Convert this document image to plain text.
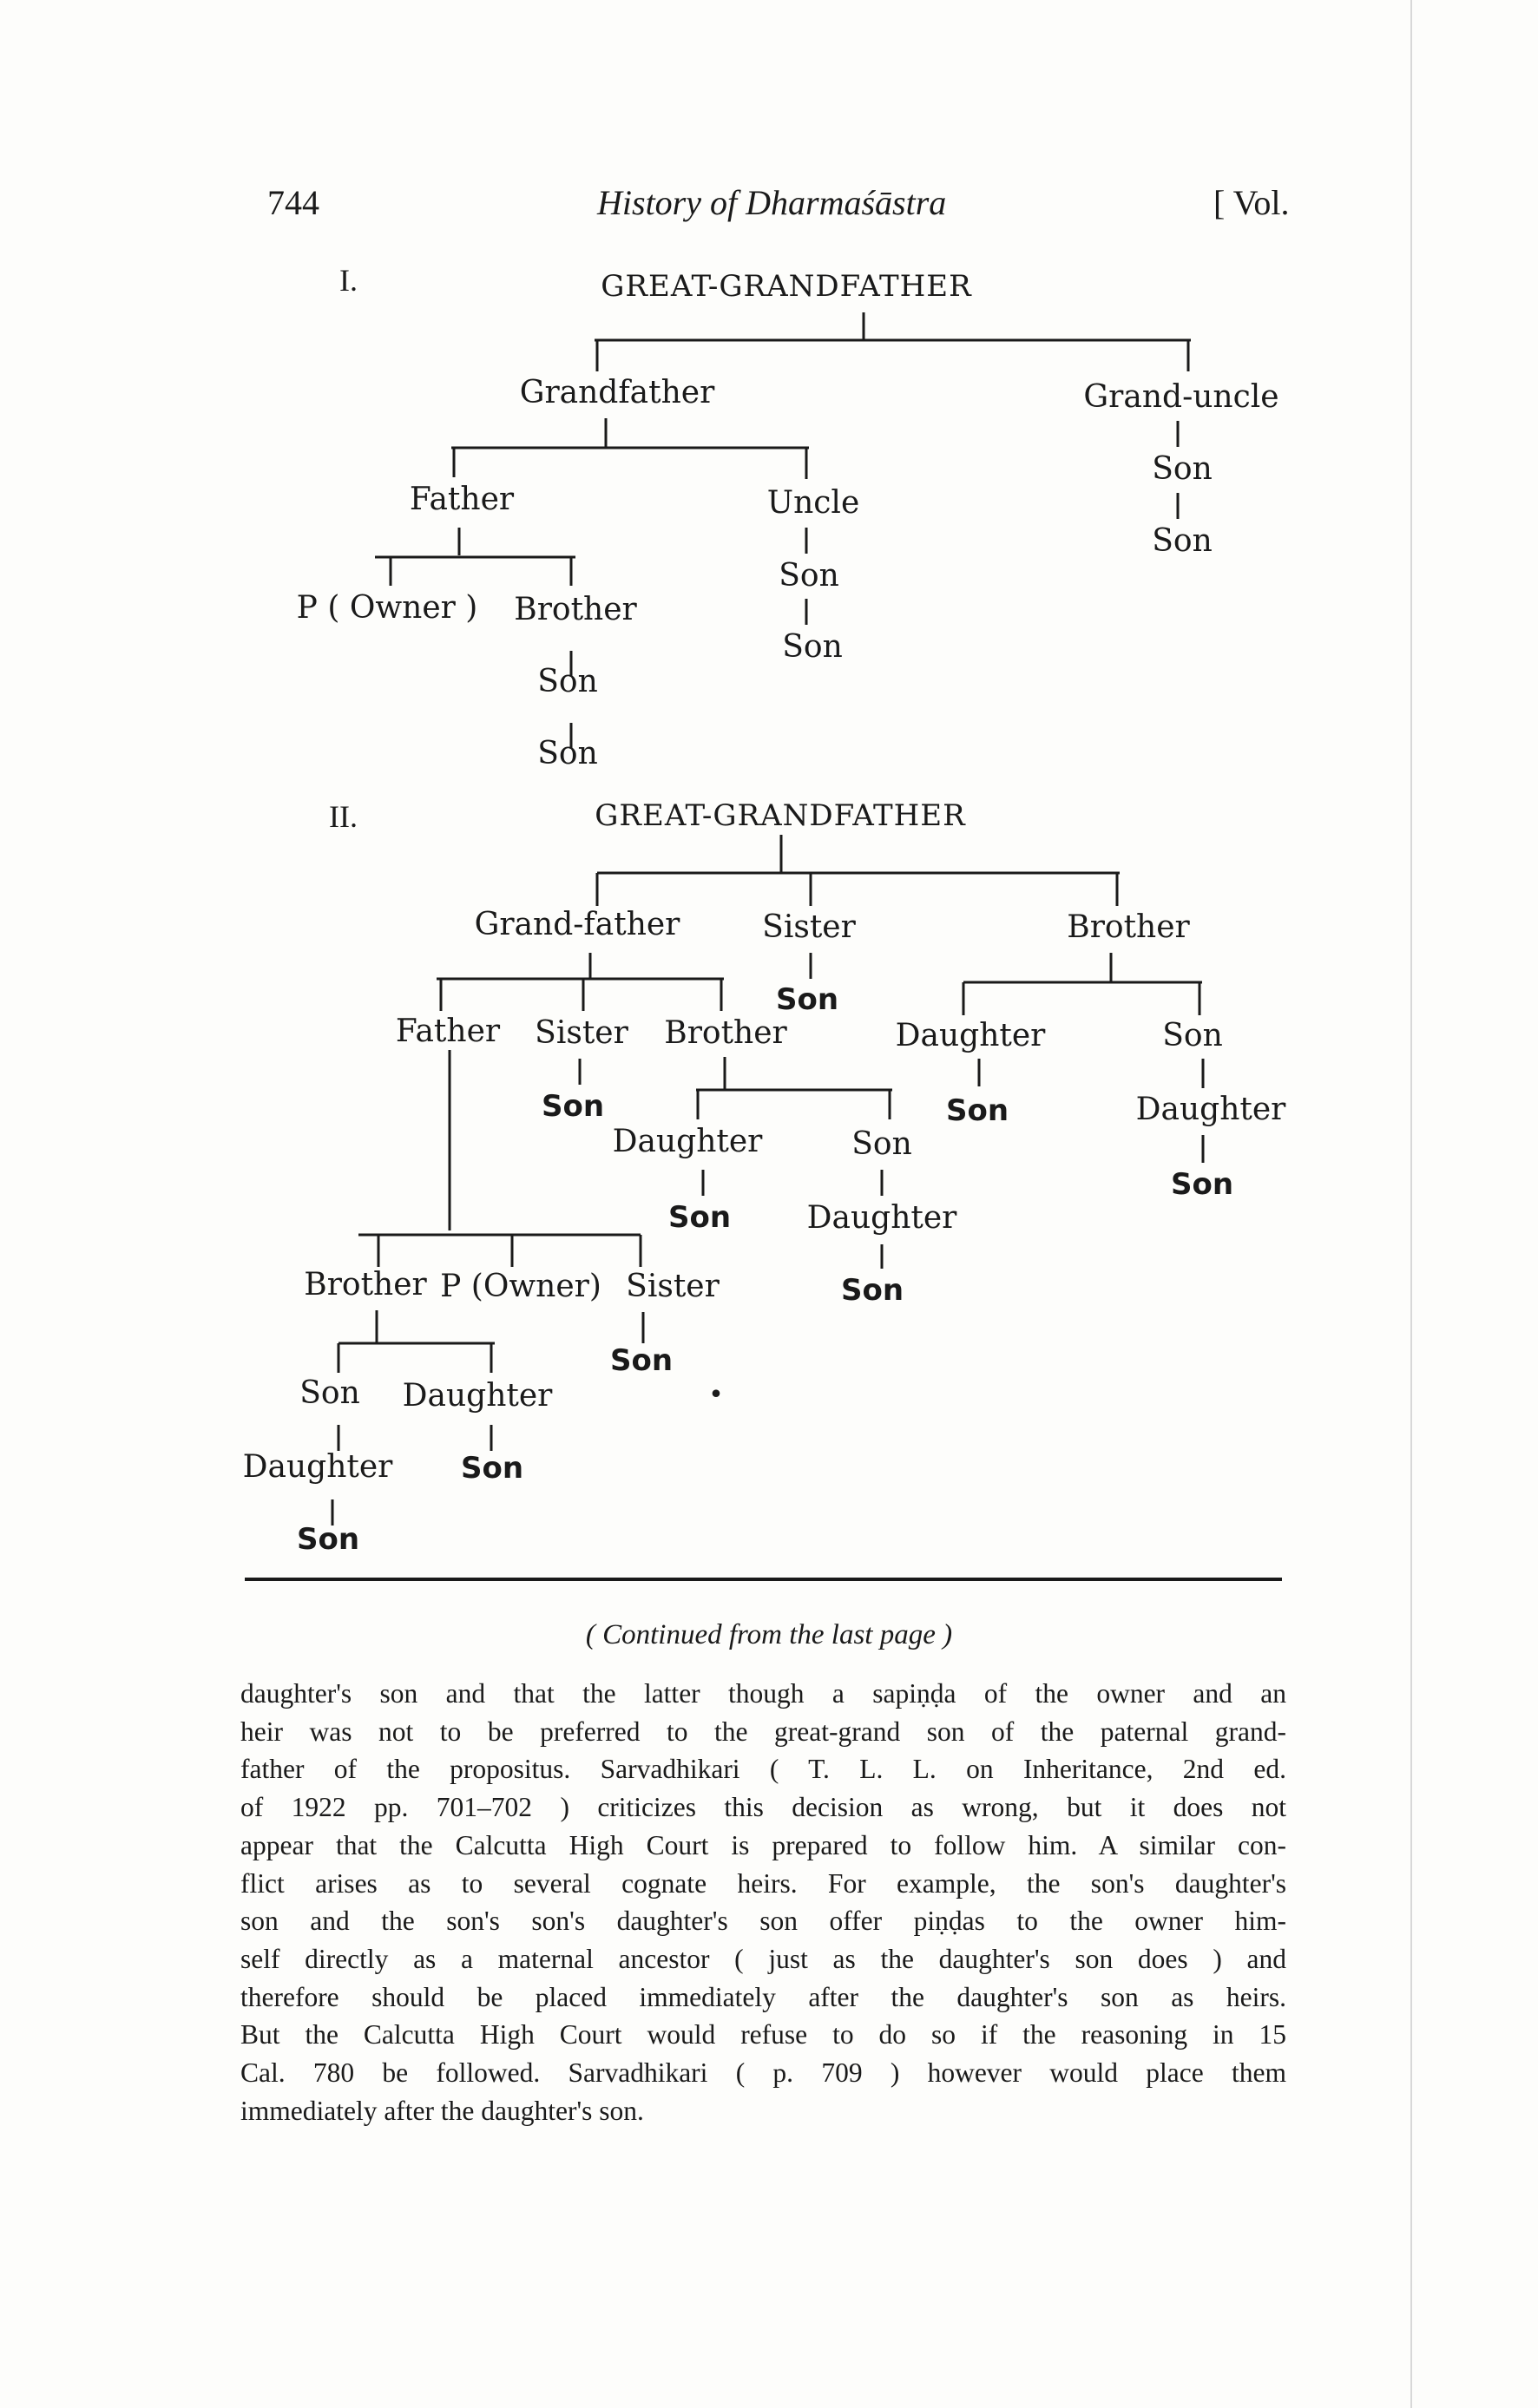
744	History of Dharmaśāstra	[ Vol.
I.	GREAT-GRANDFATHER
Grandfather	Grand-uncle
Son
Son
Father	Uncle
Son
Son
P ( Owner ) Brother
Son
Son
II.	GREAT-GRANDFATHER
Grand-father	Sister
Son
Brother
Daughter
Son
Son
Daughter
Son
Father Sister
Son
Brother
Daughter
Son
Son
Daughter
Son
Brother P (Owner) Sister
Son
Son Daughter
Daughter Son
Son
•
( Continued from the last page )

daughter's son and that the latter though a sapiṇḍa of the owner and an

heir was not to be preferred to the great-grand son of the paternal grand-

father of the propositus. Sarvadhikari ( T. L. L. on Inheritance, 2nd ed.

of 1922 pp. 701–702 ) criticizes this decision as wrong, but it does not

appear that the Calcutta High Court is prepared to follow him. A similar con-

flict arises as to several cognate heirs. For example, the son's daughter's

son and the son's son's daughter's son offer piṇḍas to the owner him-

self directly as a maternal ancestor ( just as the daughter's son does ) and

therefore should be placed immediately after the daughter's son as heirs.

But the Calcutta High Court would refuse to do so if the reasoning in 15

Cal. 780 be followed. Sarvadhikari ( p. 709 ) however would place them

immediately after the daughter's son.
